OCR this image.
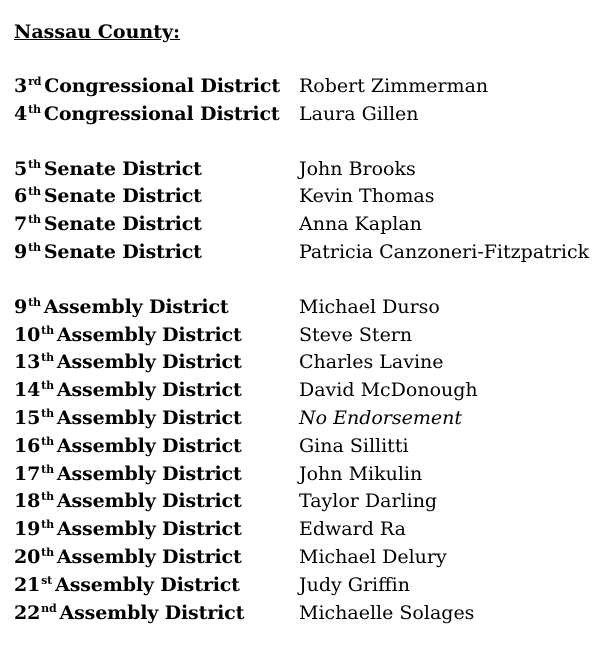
Nassau County:
3rd Congressional District Robert Zimmerman
4th Congressional District Laura Gillen
5th Senate District	John Brooks
6th Senate District	Kevin Thomas
7th Senate District	Anna Kaplan
9th Senate District	Patricia Canzoneri-Fitzpatrick
9th Assembly District	Michael Durso
10th Assembly District	Steve Stern
13th Assembly District	Charles Lavine
14th Assembly District	David McDonough
15th Assembly District	No Endorsement
16th Assembly District	Gina Sillitti
17th Assembly District	John Mikulin
18th Assembly District	Taylor Darling
19th Assembly District	Edward Ra
20th Assembly District	Michael Delury
21st Assembly District	Judy Griffin
22nd Assembly District	Michaelle Solages
